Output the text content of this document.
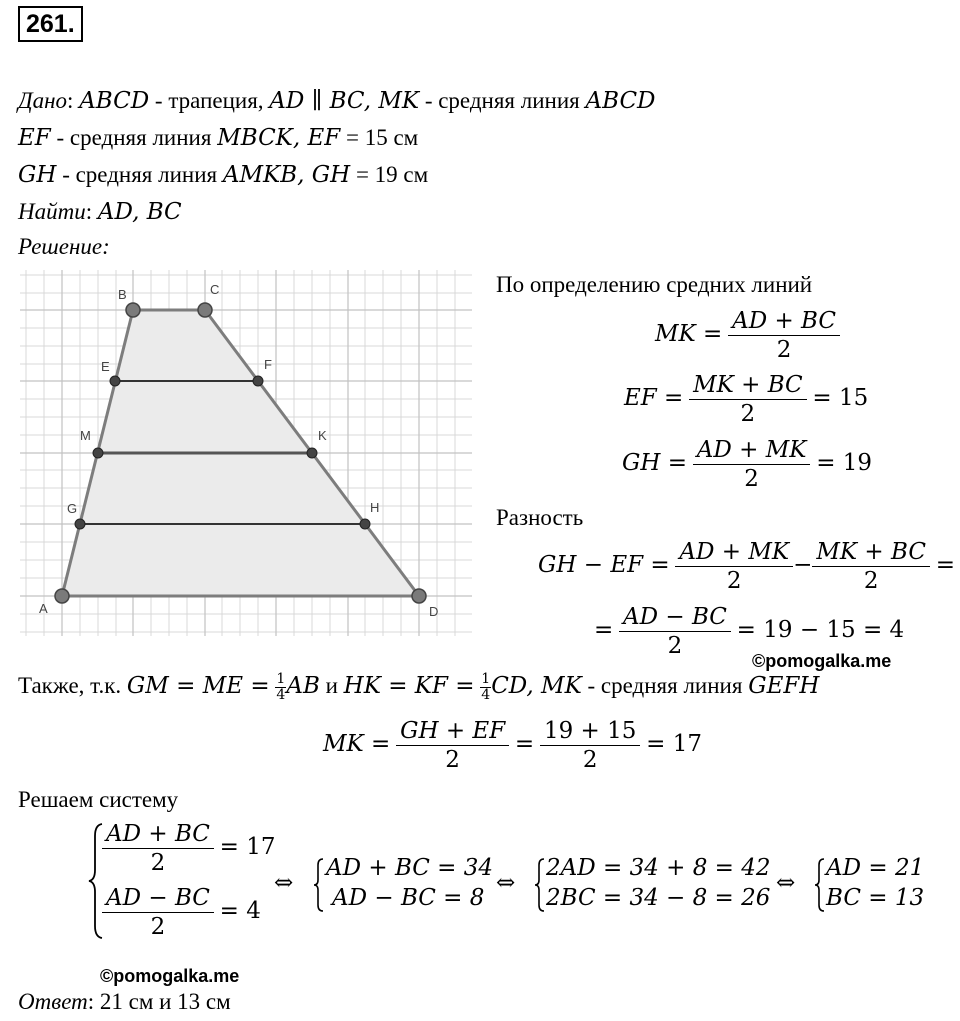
261.
Дано: ABCD - трапеция, AD ∥ BC, MK - средняя линия ABCD
EF - средняя линия MBCK, EF = 15 см
GH - средняя линия AMKB, GH = 19 см
Найти: AD, BC
Решение:
A
B	C
D
E	F
M	K
G	H
По определению средних линий
MK = $\frac{AD + BC}{2}$
EF = $\frac{MK + BC}{2} = 15$
GH = $\frac{AD + MK}{2} = 19$
Разность
GH − EF = $\frac{AD + MK}{2} - \frac{MK + BC}{2}$ =
= $\frac{AD - BC}{2} = 19 - 15 = 4$
©pomogalka.me
Также, т.к. GM = ME = $\frac{1}{4}$ AB и HK = KF = $\frac{1}{4}$ CD, MK - средняя линия GEFH
MK = $\frac{GH + EF}{2} = \frac{19 + 15}{2} = 17$
Решаем систему
$\frac{AD + BC}{2} = 17$
$\frac{AD - BC}{2} = 4$
⇔
AD + BC = 34
AD − BC = 8
⇔
2AD = 34 + 8 = 42
2BC = 34 − 8 = 26
⇔
AD = 21
BC = 13
©pomogalka.me
Ответ: 21 см и 13 см
